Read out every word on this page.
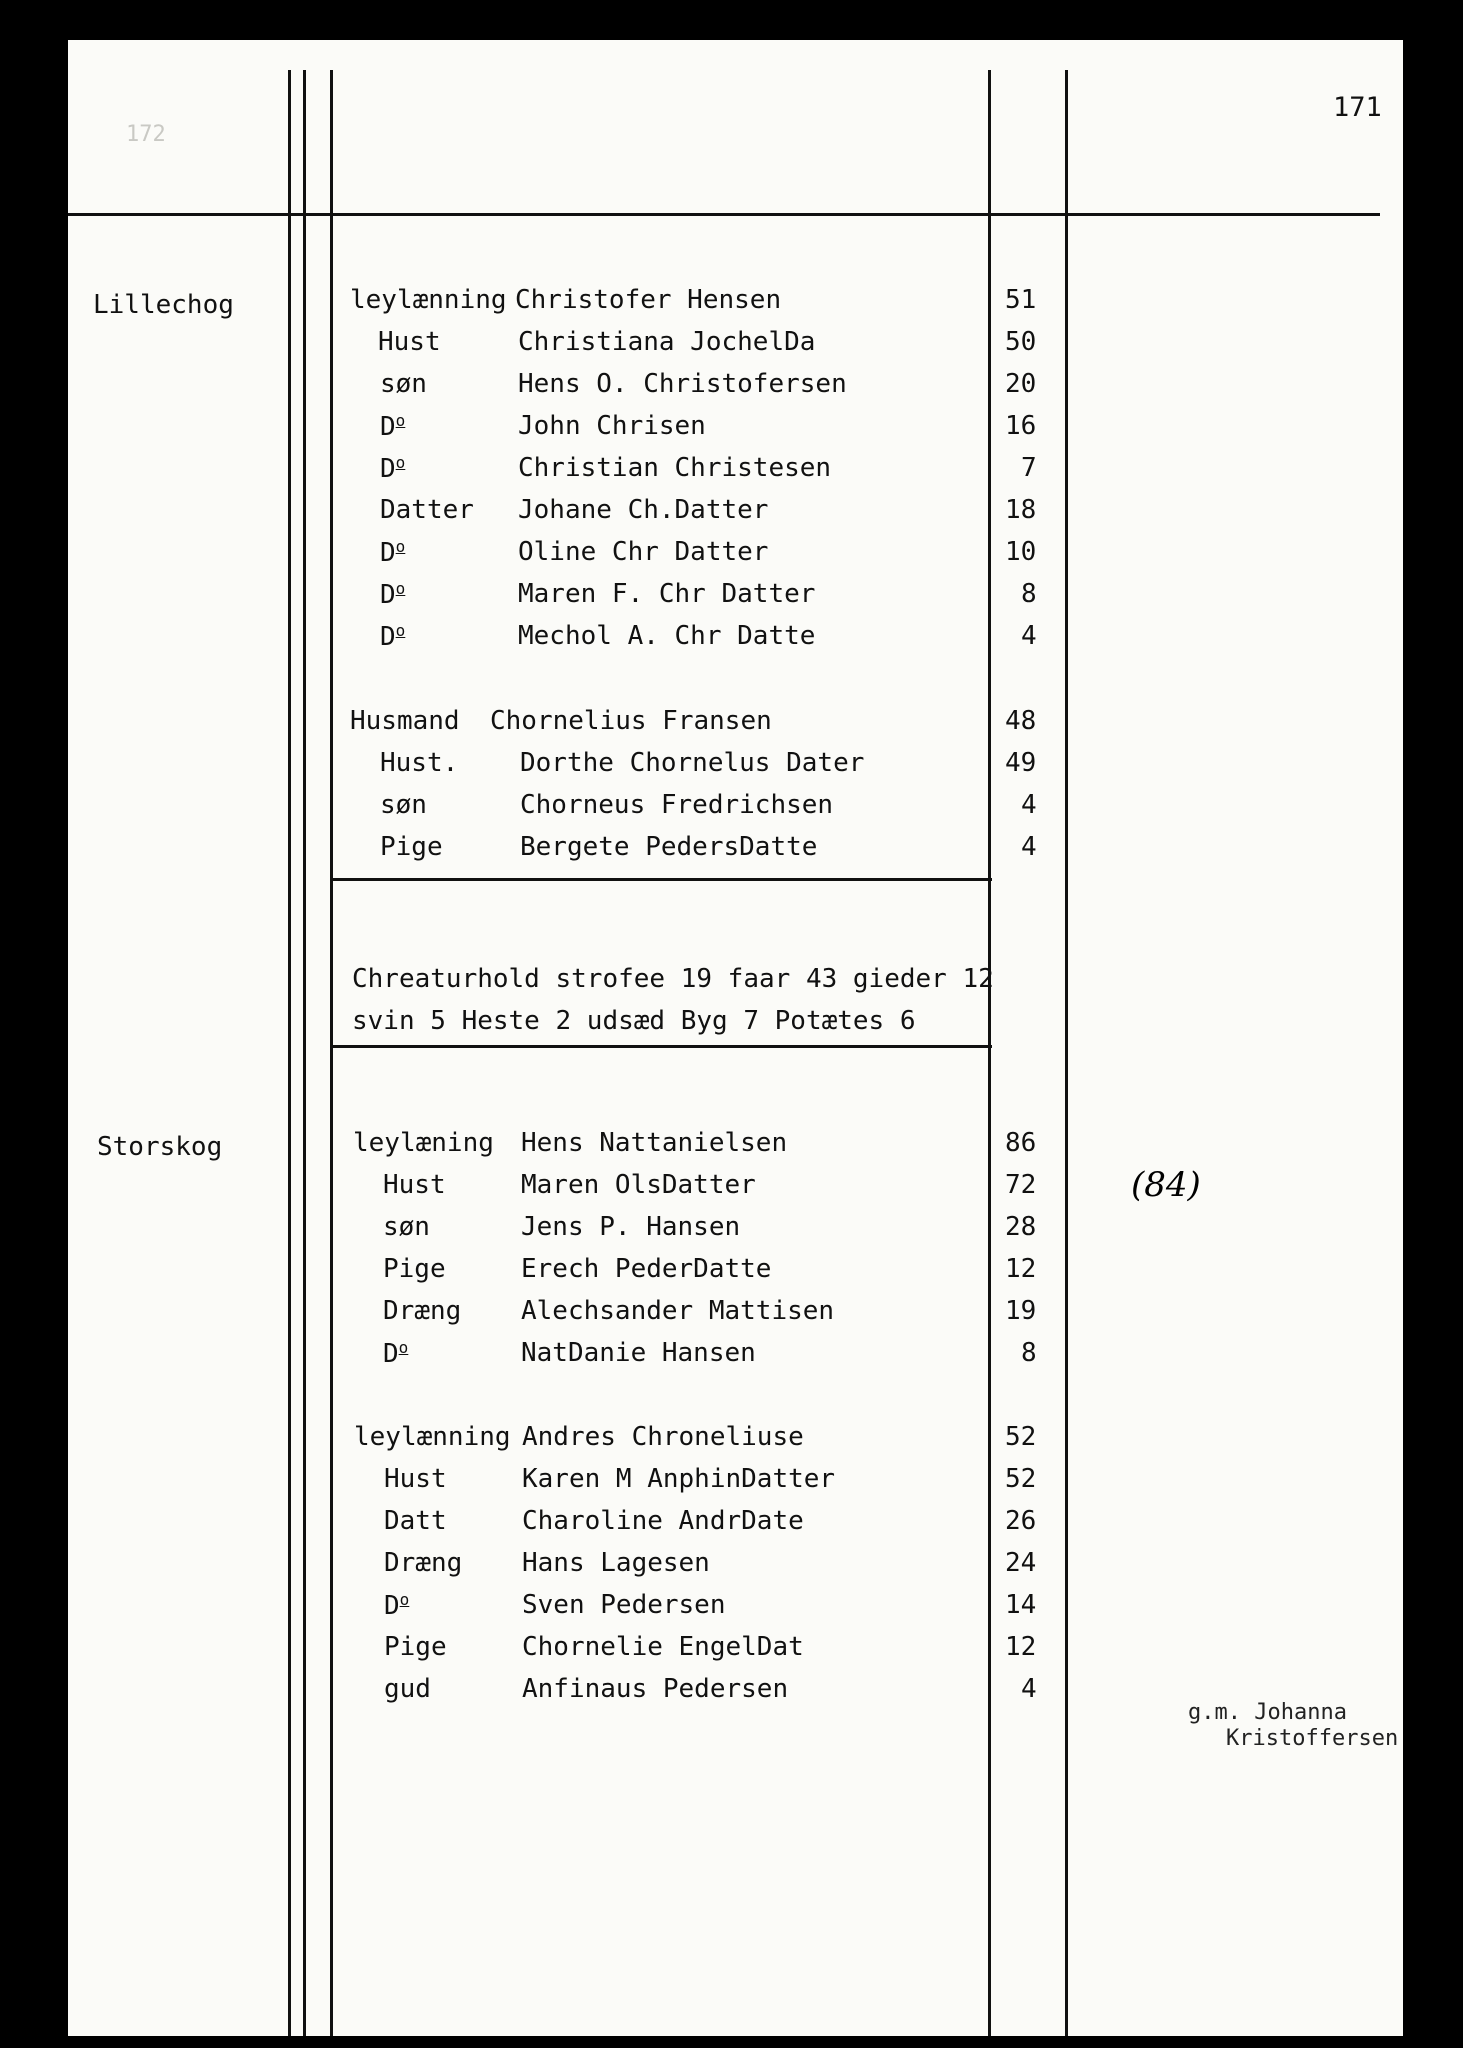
172
171
Lillechog
Storskog
leylænning Christofer Hensen	51
Hust	Christiana JochelDa	50
søn	Hens O. Christofersen	20
$D^o$	John Chrisen	16
$D^o$	Christian Christesen	7
Datter Johane Ch.Datter	18
$D^o$	Oline Chr Datter	10
$D^o$	Maren F. Chr Datter	8
$D^o$	Mechol A. Chr Datte	4
Husmand Chornelius Fransen	48
Hust. Dorthe Chornelus Dater	49
søn	Chorneus Fredrichsen	4
Pige	Bergete PedersDatte	4
Chreaturhold strofee 19 faar 43 gieder 12 svin 5 Heste 2 udsæd Byg 7 Potætes 6
leylæning Hens Nattanielsen	86
Hust	Maren OlsDatter	72
søn	Jens P. Hansen	28
Pige	Erech PederDatte	12
Dræng Alechsander Mattisen	19
$D^o$	NatDanie Hansen	8
leylænning Andres Chroneliuse	52
Hust	Karen M AnphinDatter	52
Datt	Charoline AndrDate	26
Dræng Hans Lagesen	24
$D^o$	Sven Pedersen	14
Pige	Chornelie EngelDat	12
gud	Anfinaus Pedersen	4
(84)
g.m. Johanna
Kristoffersen
